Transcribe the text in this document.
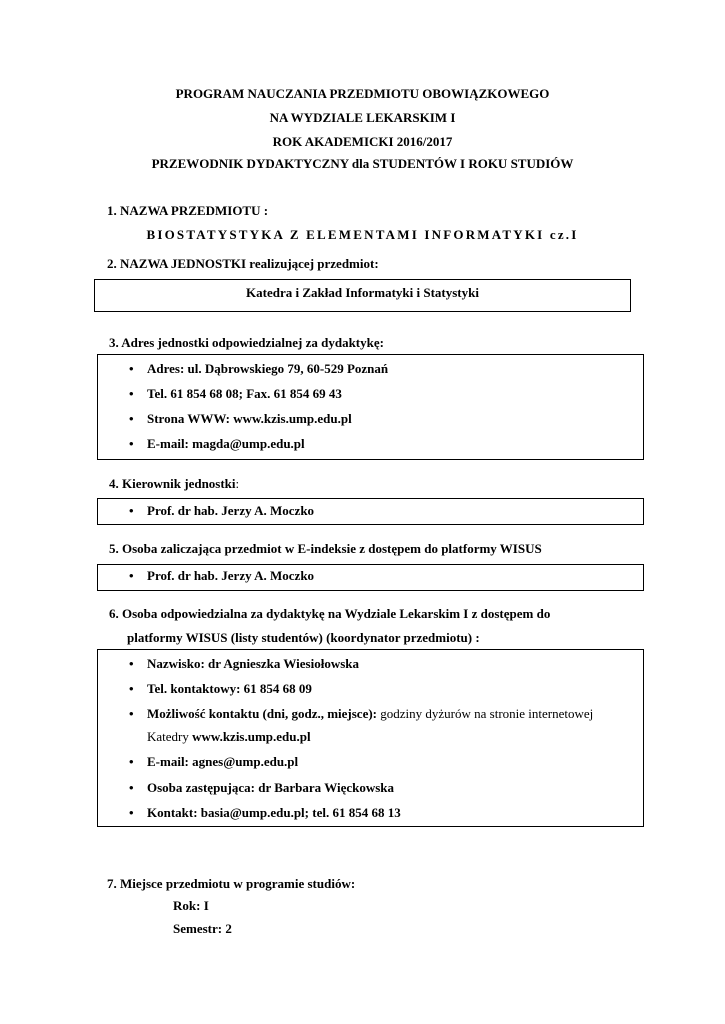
PROGRAM NAUCZANIA PRZEDMIOTU OBOWIĄZKOWEGO
NA WYDZIALE LEKARSKIM I
ROK AKADEMICKI 2016/2017
PRZEWODNIK DYDAKTYCZNY dla STUDENTÓW I ROKU STUDIÓW
1. NAZWA PRZEDMIOTU :
BIOSTATYSTYKA Z ELEMENTAMI INFORMATYKI cz.I
2. NAZWA JEDNOSTKI realizującej przedmiot:
Katedra i Zakład Informatyki i Statystyki
3. Adres jednostki odpowiedzialnej za dydaktykę:
• Adres: ul. Dąbrowskiego 79, 60-529 Poznań
• Tel. 61 854 68 08; Fax. 61 854 69 43
• Strona WWW: www.kzis.ump.edu.pl
• E-mail: magda@ump.edu.pl
4. Kierownik jednostki:
• Prof. dr hab. Jerzy A. Moczko
5. Osoba zaliczająca przedmiot w E-indeksie z dostępem do platformy WISUS
• Prof. dr hab. Jerzy A. Moczko
6. Osoba odpowiedzialna za dydaktykę na Wydziale Lekarskim I z dostępem do
platformy WISUS (listy studentów) (koordynator przedmiotu) :
• Nazwisko: dr Agnieszka Wiesiołowska
• Tel. kontaktowy: 61 854 68 09
• Możliwość kontaktu (dni, godz., miejsce): godziny dyżurów na stronie internetowej
Katedry www.kzis.ump.edu.pl
• E-mail: agnes@ump.edu.pl
• Osoba zastępująca: dr Barbara Więckowska
• Kontakt: basia@ump.edu.pl; tel. 61 854 68 13
7. Miejsce przedmiotu w programie studiów:
Rok: I
Semestr: 2
